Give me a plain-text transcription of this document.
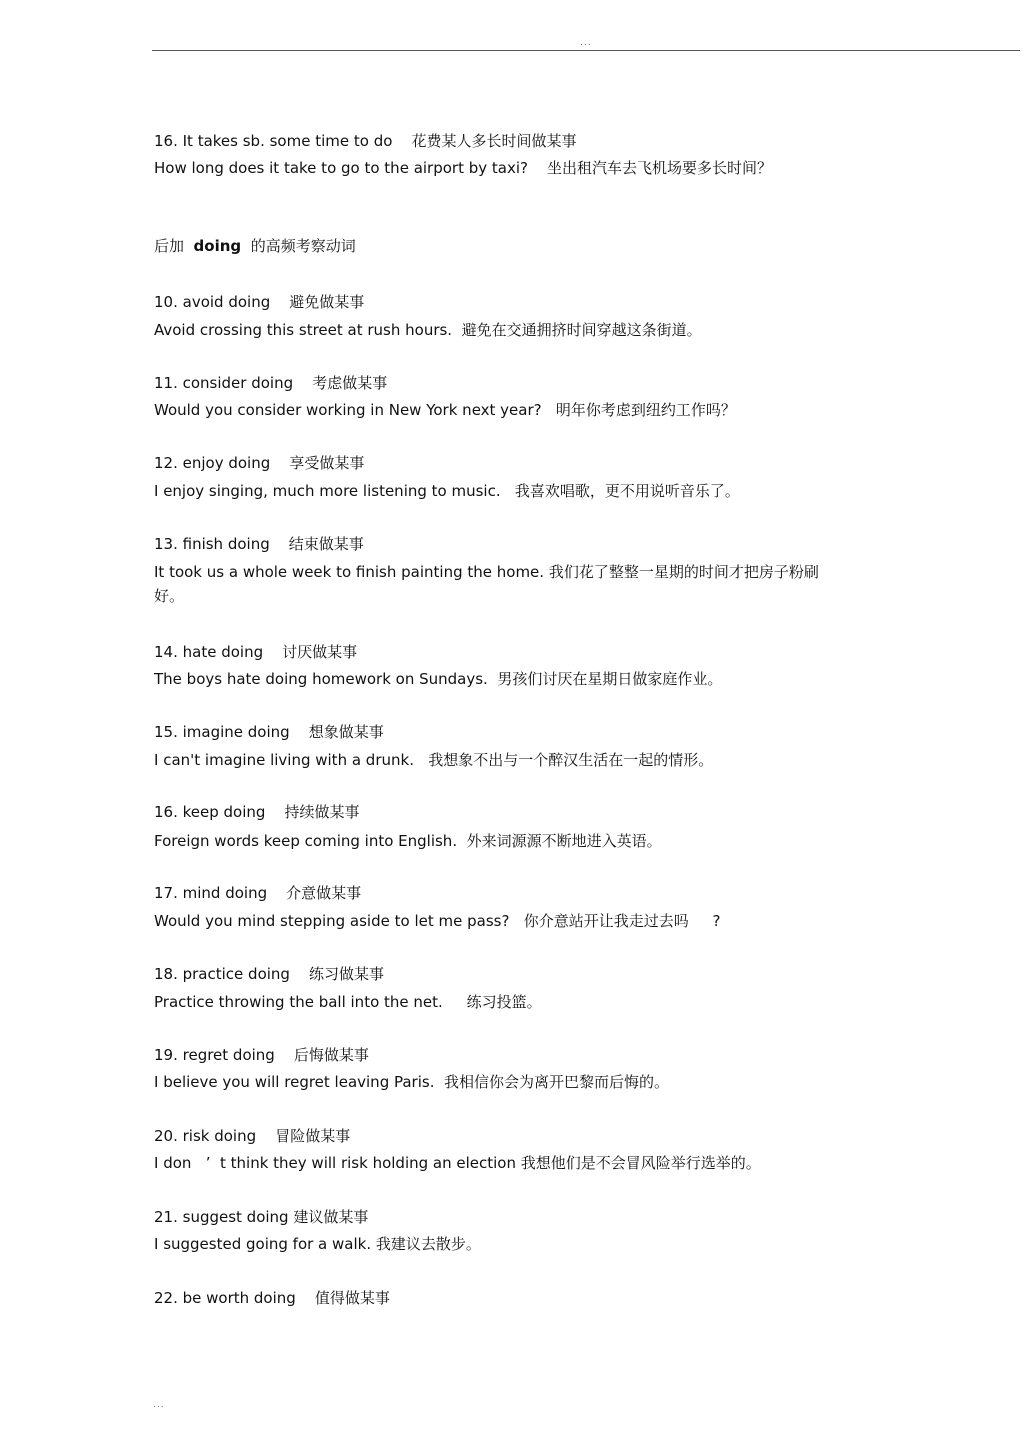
...
16. It takes sb. some time to do    花费某人多长时间做某事
How long does it take to go to the airport by taxi?    坐出租汽车去飞机场要多长时间？
后加  doing  的高频考察动词
10. avoid doing    避免做某事
Avoid crossing this street at rush hours.  避免在交通拥挤时间穿越这条街道。
11. consider doing    考虑做某事
Would you consider working in New York next year?   明年你考虑到纽约工作吗？
12. enjoy doing    享受做某事
I enjoy singing, much more listening to music.   我喜欢唱歌，更不用说听音乐了。
13. finish doing    结束做某事
It took us a whole week to finish painting the home. 我们花了整整一星期的时间才把房子粉刷好。
14. hate doing    讨厌做某事
The boys hate doing homework on Sundays.  男孩们讨厌在星期日做家庭作业。
15. imagine doing    想象做某事
I can't imagine living with a drunk.   我想象不出与一个醉汉生活在一起的情形。
16. keep doing    持续做某事
Foreign words keep coming into English.  外来词源源不断地进入英语。
17. mind doing    介意做某事
Would you mind stepping aside to let me pass?   你介意站开让我走过去吗     ?
18. practice doing    练习做某事
Practice throwing the ball into the net.     练习投篮。
19. regret doing    后悔做某事
I believe you will regret leaving Paris.  我相信你会为离开巴黎而后悔的。
20. risk doing    冒险做某事
I don   ’  t think they will risk holding an election 我想他们是不会冒风险举行选举的。
21. suggest doing 建议做某事
I suggested going for a walk. 我建议去散步。
22. be worth doing    值得做某事
...
